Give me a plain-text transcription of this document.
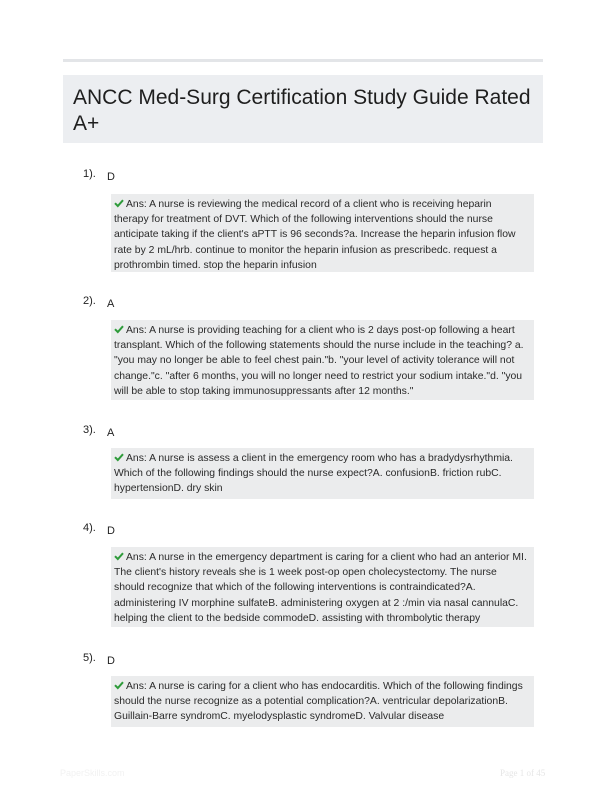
ANCC Med-Surg Certification Study Guide Rated A+
1). D
Ans: A nurse is reviewing the medical record of a client who is receiving heparin therapy for treatment of DVT. Which of the following interventions should the nurse anticipate taking if the client's aPTT is 96 seconds?a. Increase the heparin infusion flow rate by 2 mL/hrb. continue to monitor the heparin infusion as prescribedc. request a prothrombin timed. stop the heparin infusion
2). A
Ans: A nurse is providing teaching for a client who is 2 days post-op following a heart transplant. Which of the following statements should the nurse include in the teaching? a. "you may no longer be able to feel chest pain."b. "your level of activity tolerance will not change."c. "after 6 months, you will no longer need to restrict your sodium intake."d. "you will be able to stop taking immunosuppressants after 12 months."
3). A
Ans: A nurse is assess a client in the emergency room who has a bradydysrhythmia. Which of the following findings should the nurse expect?A. confusionB. friction rubC. hypertensionD. dry skin
4). D
Ans: A nurse in the emergency department is caring for a client who had an anterior MI. The client's history reveals she is 1 week post-op open cholecystectomy. The nurse should recognize that which of the following interventions is contraindicated?A. administering IV morphine sulfateB. administering oxygen at 2 :/min via nasal cannulaC. helping the client to the bedside commodeD. assisting with thrombolytic therapy
5). D
Ans: A nurse is caring for a client who has endocarditis. Which of the following findings should the nurse recognize as a potential complication?A. ventricular depolarizationB. Guillain-Barre syndromC. myelodysplastic syndromeD. Valvular disease
PaperSkills.com	Page 1 of 45
